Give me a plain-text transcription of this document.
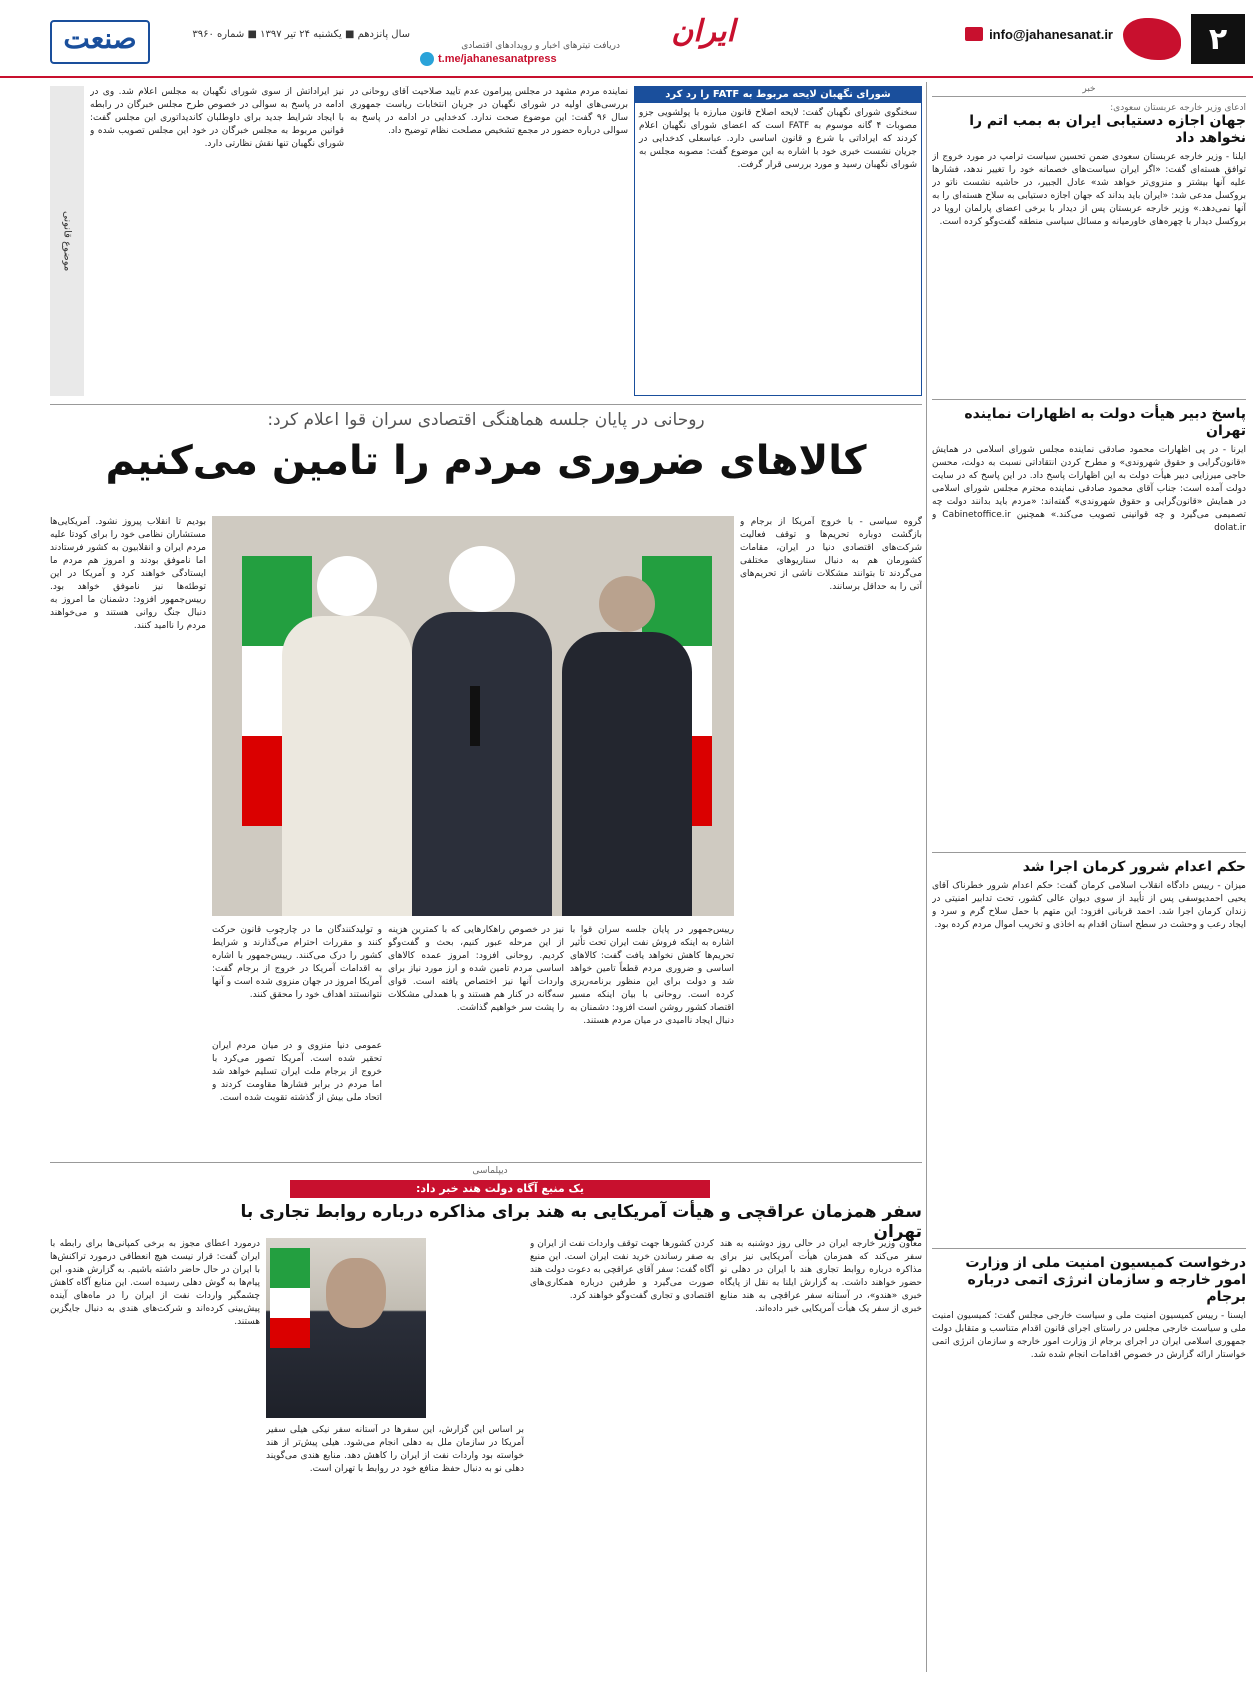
۲
info@jahanesanat.ir
ایران
دریافت تیترهای اخبار و رویدادهای اقتصادی
t.me/jahanesanatpress
سال پانزدهم ■ یکشنبه ۲۴ تیر ۱۳۹۷ ■ شماره ۳۹۶۰
صنعت
خبر
ادعای وزیر خارجه عربستان سعودی:
جهان اجازه دستیابی ایران به بمب اتم را نخواهد داد
ایلنا - وزیر خارجه عربستان سعودی ضمن تحسین سیاست ترامپ در مورد خروج از توافق هسته‌ای گفت: «اگر ایران سیاست‌های خصمانه خود را تغییر ندهد، فشارها علیه آنها بیشتر و منزوی‌تر خواهد شد» عادل الجبیر، در حاشیه نشست ناتو در بروکسل مدعی شد: «ایران باید بداند که جهان اجازه دستیابی به سلاح هسته‌ای را به آنها نمی‌دهد.» وزیر خارجه عربستان پس از دیدار با برخی اعضای پارلمان اروپا در بروکسل دیدار با چهره‌های خاورمیانه و مسائل سیاسی منطقه گفت‌وگو کرده است.
پاسخ دبیر هیأت دولت به اظهارات نماینده تهران
ایرنا - در پی اظهارات محمود صادقی نماینده مجلس شورای اسلامی در همایش «قانون‌گرایی و حقوق شهروندی» و مطرح کردن انتقاداتی نسبت به دولت، محسن حاجی میرزایی دبیر هیأت دولت به این اظهارات پاسخ داد. در این پاسخ که در سایت دولت آمده است: جناب آقای محمود صادقی نماینده محترم مجلس شورای اسلامی در همایش «قانون‌گرایی و حقوق شهروندی» گفته‌اند: «مردم باید بدانند دولت چه تصمیمی می‌گیرد و چه قوانینی تصویب می‌کند.» همچنین Cabinetoffice.ir و dolat.ir
حکم اعدام شرور کرمان اجرا شد
میزان - رییس دادگاه انقلاب اسلامی کرمان گفت: حکم اعدام شرور خطرناک آقای یحیی احمدیوسفی پس از تأیید از سوی دیوان عالی کشور، تحت تدابیر امنیتی در زندان کرمان اجرا شد. احمد قربانی افزود: این متهم با حمل سلاح گرم و سرد و ایجاد رعب و وحشت در سطح استان اقدام به اخاذی و تخریب اموال مردم کرده بود.
درخواست کمیسیون امنیت ملی از وزارت امور خارجه و سازمان انرژی اتمی درباره برجام
ایسنا - رییس کمیسیون امنیت ملی و سیاست خارجی مجلس گفت: کمیسیون امنیت ملی و سیاست خارجی مجلس در راستای اجرای قانون اقدام متناسب و متقابل دولت جمهوری اسلامی ایران در اجرای برجام از وزارت امور خارجه و سازمان انرژی اتمی خواستار ارائه گزارش در خصوص اقدامات انجام شده شد.
شورای نگهبان لایحه مربوط به FATF را رد کرد
سخنگوی شورای نگهبان گفت: لایحه اصلاح قانون مبارزه با پولشویی جزو مصوبات ۴ گانه موسوم به FATF است که اعضای شورای نگهبان اعلام کردند که ایراداتی با شرع و قانون اساسی دارد. عباسعلی کدخدایی در جریان نشست خبری خود با اشاره به این موضوع گفت: مصوبه مجلس به شورای نگهبان رسید و مورد بررسی قرار گرفت.
نماینده مردم مشهد در مجلس پیرامون عدم تأیید صلاحیت آقای روحانی در بررسی‌های اولیه در شورای نگهبان در جریان انتخابات ریاست جمهوری سال ۹۶ گفت: این موضوع صحت ندارد. کدخدایی در ادامه در پاسخ به سوالی درباره حضور در مجمع تشخیص مصلحت نظام توضیح داد.
نیز ایراداتش از سوی شورای نگهبان به مجلس اعلام شد. وی در ادامه در پاسخ به سوالی در خصوص طرح مجلس خبرگان در رابطه با ایجاد شرایط جدید برای داوطلبان کاندیداتوری این مجلس گفت: قوانین مربوط به مجلس خبرگان در خود این مجلس تصویب شده و شورای نگهبان تنها نقش نظارتی دارد.
موضوع قانونی
روحانی در پایان جلسه هماهنگی اقتصادی سران قوا اعلام کرد:
کالاهای ضروری مردم را تامین می‌کنیم
گروه سیاسی - با خروج آمریکا از برجام و بازگشت دوباره تحریم‌ها و توقف فعالیت شرکت‌های اقتصادی دنیا در ایران، مقامات کشورمان هم به دنبال سناریوهای مختلفی می‌گردند تا بتوانند مشکلات ناشی از تحریم‌های آتی را به حداقل برسانند.
بودیم تا انقلاب پیروز نشود. آمریکایی‌ها مستشاران نظامی خود را برای کودتا علیه مردم ایران و انقلابیون به کشور فرستادند اما ناموفق بودند و امروز هم مردم ما ایستادگی خواهند کرد و آمریکا در این توطئه‌ها نیز ناموفق خواهد بود. رییس‌جمهور افزود: دشمنان ما امروز به دنبال جنگ روانی هستند و می‌خواهند مردم را ناامید کنند.
رییس‌جمهور در پایان جلسه سران قوا با اشاره به اینکه فروش نفت ایران تحت تأثیر تحریم‌ها کاهش نخواهد یافت گفت: کالاهای اساسی و ضروری مردم قطعاً تامین خواهد شد و دولت برای این منظور برنامه‌ریزی کرده است. روحانی با بیان اینکه مسیر اقتصاد کشور روشن است افزود: دشمنان به دنبال ایجاد ناامیدی در میان مردم هستند.
نیز در خصوص راهکارهایی که با کمترین هزینه از این مرحله عبور کنیم، بحث و گفت‌وگو کردیم. روحانی افزود: امروز عمده کالاهای اساسی مردم تامین شده و ارز مورد نیاز برای واردات آنها نیز اختصاص یافته است. قوای سه‌گانه در کنار هم هستند و با همدلی مشکلات را پشت سر خواهیم گذاشت.
و تولیدکنندگان ما در چارچوب قانون حرکت کنند و مقررات احترام می‌گذارند و شرایط کشور را درک می‌کنند. رییس‌جمهور با اشاره به اقدامات آمریکا در خروج از برجام گفت: آمریکا امروز در جهان منزوی شده است و آنها نتوانستند اهداف خود را محقق کنند.
عمومی دنیا منزوی و در میان مردم ایران تحقیر شده است. آمریکا تصور می‌کرد با خروج از برجام ملت ایران تسلیم خواهد شد اما مردم در برابر فشارها مقاومت کردند و اتحاد ملی بیش از گذشته تقویت شده است.
دیپلماسی
یک منبع آگاه دولت هند خبر داد:
سفر همزمان عراقچی و هیأت آمریکایی به هند برای مذاکره درباره روابط تجاری با تهران
معاون وزیر خارجه ایران در حالی روز دوشنبه به هند سفر می‌کند که همزمان هیأت آمریکایی نیز برای مذاکره درباره روابط تجاری هند با ایران در دهلی نو حضور خواهند داشت. به گزارش ایلنا به نقل از پایگاه خبری «هندو»، در آستانه سفر عراقچی به هند منابع خبری از سفر یک هیأت آمریکایی خبر داده‌اند.
کردن کشورها جهت توقف واردات نفت از ایران و به صفر رساندن خرید نفت ایران است. این منبع آگاه گفت: سفر آقای عراقچی به دعوت دولت هند صورت می‌گیرد و طرفین درباره همکاری‌های اقتصادی و تجاری گفت‌وگو خواهند کرد.
بر اساس این گزارش، این سفرها در آستانه سفر نیکی هیلی سفیر آمریکا در سازمان ملل به دهلی انجام می‌شود. هیلی پیش‌تر از هند خواسته بود واردات نفت از ایران را کاهش دهد. منابع هندی می‌گویند دهلی نو به دنبال حفظ منافع خود در روابط با تهران است.
درمورد اعطای مجوز به برخی کمپانی‌ها برای رابطه با ایران گفت: قرار نیست هیچ انعطافی درمورد تراکنش‌ها با ایران در حال حاضر داشته باشیم. به گزارش هندو، این پیام‌ها به گوش دهلی رسیده است. این منابع آگاه کاهش چشمگیر واردات نفت از ایران را در ماه‌های آینده پیش‌بینی کرده‌اند و شرکت‌های هندی به دنبال جایگزین هستند.
